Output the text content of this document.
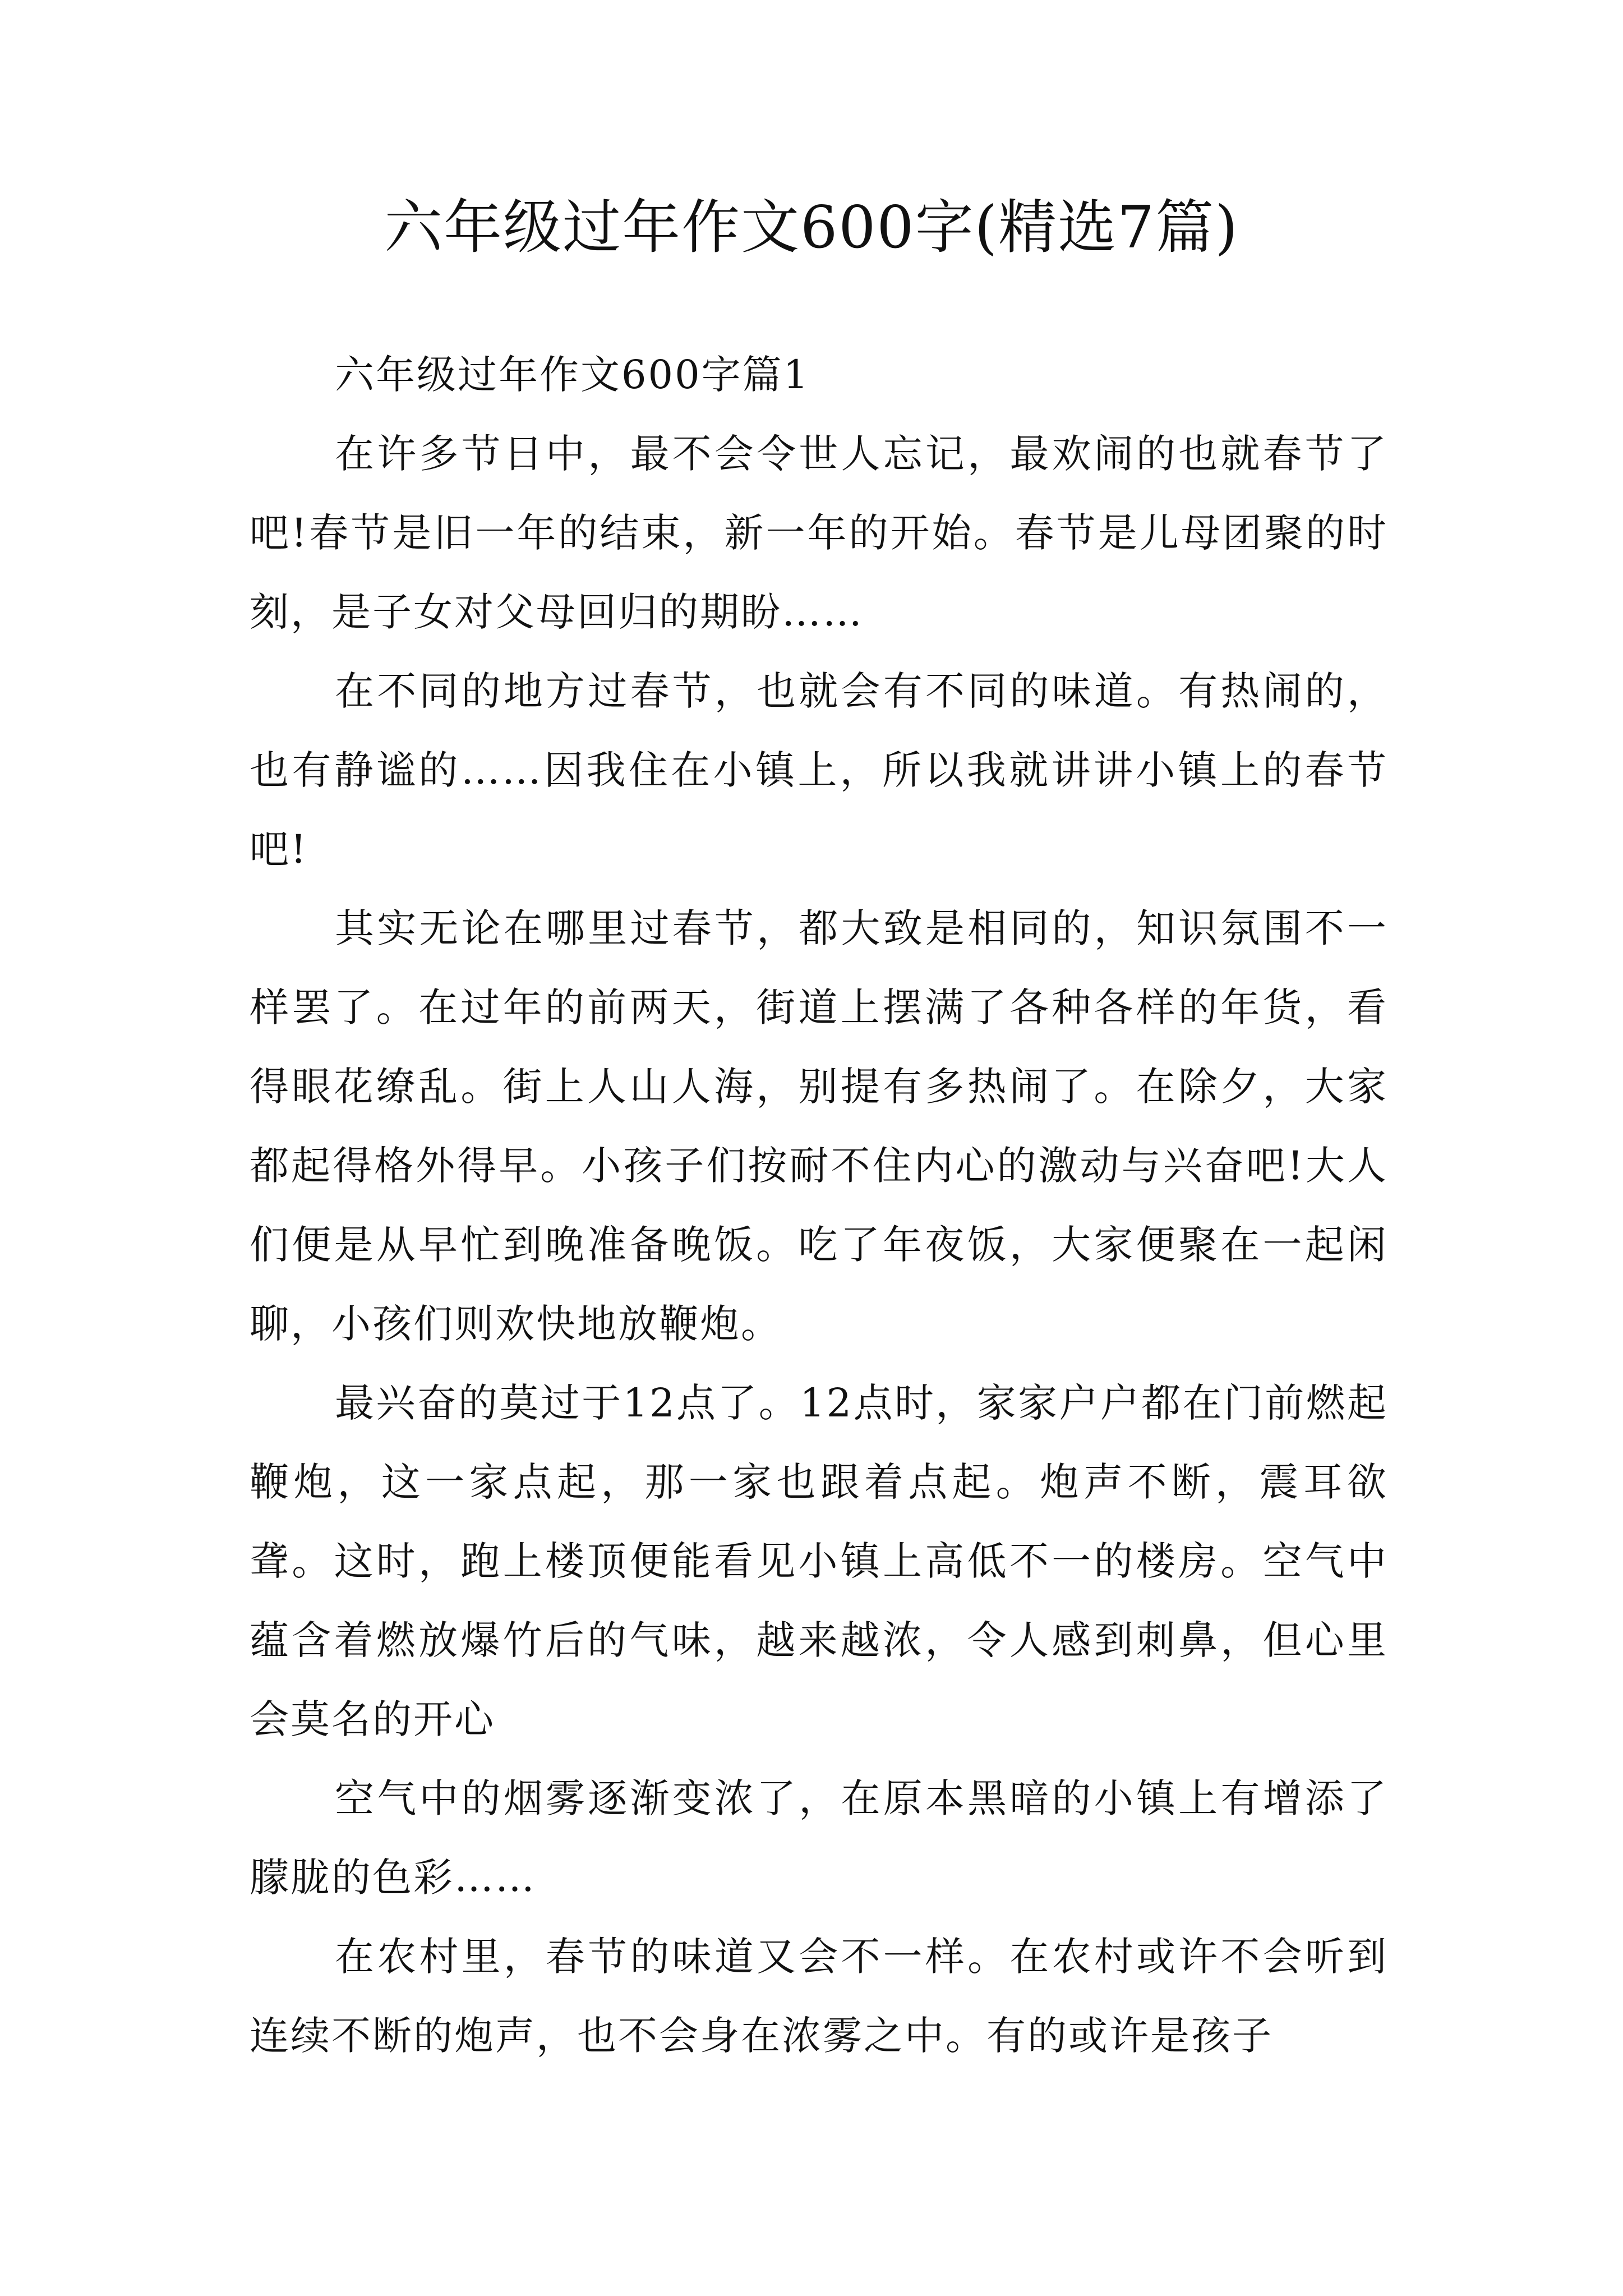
六年级过年作文600字(精选7篇)

六年级过年作文600字篇1

在许多节日中，最不会令世人忘记，最欢闹的也就春节了吧!春节是旧一年的结束，新一年的开始。春节是儿母团聚的时刻，是子女对父母回归的期盼……

在不同的地方过春节，也就会有不同的味道。有热闹的，也有静谧的……因我住在小镇上，所以我就讲讲小镇上的春节吧!

其实无论在哪里过春节，都大致是相同的，知识氛围不一样罢了。在过年的前两天，街道上摆满了各种各样的年货，看得眼花缭乱。街上人山人海，别提有多热闹了。在除夕，大家都起得格外得早。小孩子们按耐不住内心的激动与兴奋吧!大人们便是从早忙到晚准备晚饭。吃了年夜饭，大家便聚在一起闲聊，小孩们则欢快地放鞭炮。

最兴奋的莫过于12点了。12点时，家家户户都在门前燃起鞭炮，这一家点起，那一家也跟着点起。炮声不断，震耳欲聋。这时，跑上楼顶便能看见小镇上高低不一的楼房。空气中蕴含着燃放爆竹后的气味，越来越浓，令人感到刺鼻，但心里会莫名的开心

空气中的烟雾逐渐变浓了，在原本黑暗的小镇上有增添了朦胧的色彩……

在农村里，春节的味道又会不一样。在农村或许不会听到连续不断的炮声，也不会身在浓雾之中。有的或许是孩子
